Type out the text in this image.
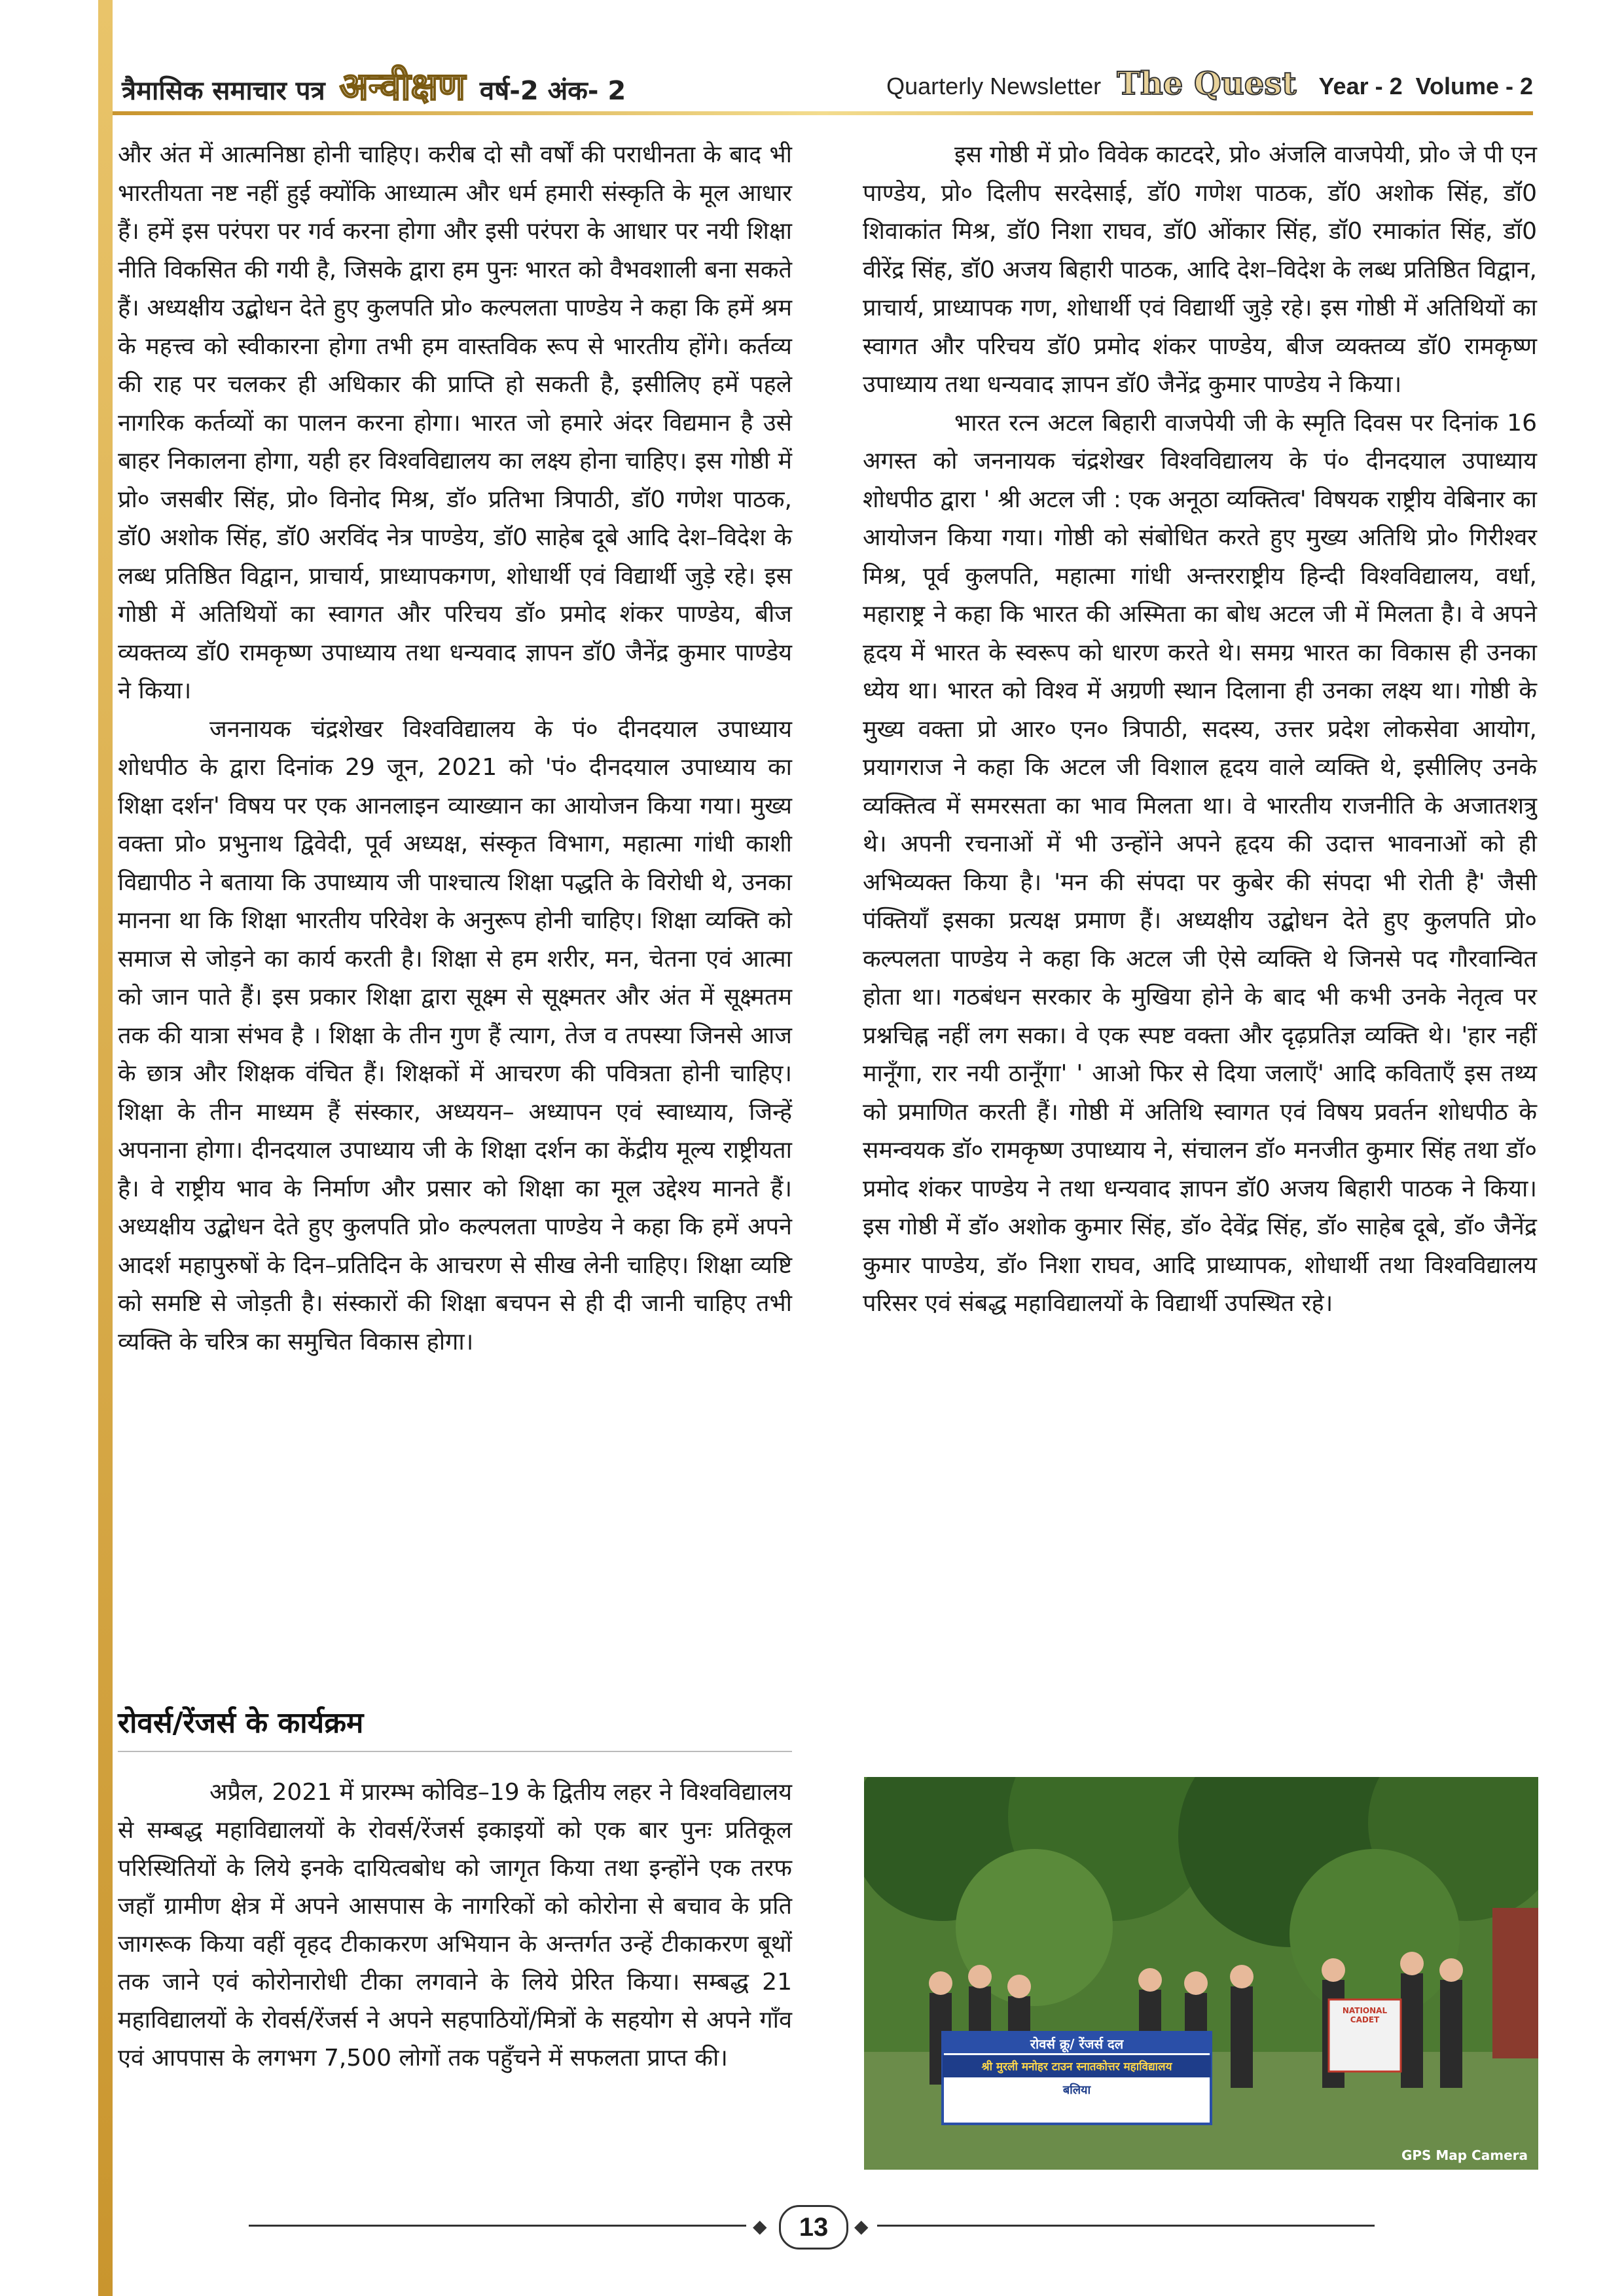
त्रैमासिक समाचार पत्र अन्वीक्षण वर्ष-2 अंक- 2	Quarterly Newsletter The Quest Year - 2 Volume - 2

और अंत में आत्मनिष्ठा होनी चाहिए। करीब दो सौ वर्षों की पराधीनता के बाद भी भारतीयता नष्ट नहीं हुई क्योंकि आध्यात्म और धर्म हमारी संस्कृति के मूल आधार हैं। हमें इस परंपरा पर गर्व करना होगा और इसी परंपरा के आधार पर नयी शिक्षा नीति विकसित की गयी है, जिसके द्वारा हम पुनः भारत को वैभवशाली बना सकते हैं। अध्यक्षीय उद्बोधन देते हुए कुलपति प्रो० कल्पलता पाण्डेय ने कहा कि हमें श्रम के महत्त्व को स्वीकारना होगा तभी हम वास्तविक रूप से भारतीय होंगे। कर्तव्य की राह पर चलकर ही अधिकार की प्राप्ति हो सकती है, इसीलिए हमें पहले नागरिक कर्तव्यों का पालन करना होगा। भारत जो हमारे अंदर विद्यमान है उसे बाहर निकालना होगा, यही हर विश्वविद्यालय का लक्ष्य होना चाहिए। इस गोष्ठी में प्रो० जसबीर सिंह, प्रो० विनोद मिश्र, डॉ० प्रतिभा त्रिपाठी, डॉ0 गणेश पाठक, डॉ0 अशोक सिंह, डॉ0 अरविंद नेत्र पाण्डेय, डॉ0 साहेब दूबे आदि देश–विदेश के लब्ध प्रतिष्ठित विद्वान, प्राचार्य, प्राध्यापकगण, शोधार्थी एवं विद्यार्थी जुड़े रहे। इस गोष्ठी में अतिथियों का स्वागत और परिचय डॉ० प्रमोद शंकर पाण्डेय, बीज व्यक्तव्य डॉ0 रामकृष्ण उपाध्याय तथा धन्यवाद ज्ञापन डॉ0 जैनेंद्र कुमार पाण्डेय ने किया।

जननायक चंद्रशेखर विश्वविद्यालय के पं० दीनदयाल उपाध्याय शोधपीठ के द्वारा दिनांक 29 जून, 2021 को 'पं० दीनदयाल उपाध्याय का शिक्षा दर्शन' विषय पर एक आनलाइन व्याख्यान का आयोजन किया गया। मुख्य वक्ता प्रो० प्रभुनाथ द्विवेदी, पूर्व अध्यक्ष, संस्कृत विभाग, महात्मा गांधी काशी विद्यापीठ ने बताया कि उपाध्याय जी पाश्चात्य शिक्षा पद्धति के विरोधी थे, उनका मानना था कि शिक्षा भारतीय परिवेश के अनुरूप होनी चाहिए। शिक्षा व्यक्ति को समाज से जोड़ने का कार्य करती है। शिक्षा से हम शरीर, मन, चेतना एवं आत्मा को जान पाते हैं। इस प्रकार शिक्षा द्वारा सूक्ष्म से सूक्ष्मतर और अंत में सूक्ष्मतम तक की यात्रा संभव है । शिक्षा के तीन गुण हैं त्याग, तेज व तपस्या जिनसे आज के छात्र और शिक्षक वंचित हैं। शिक्षकों में आचरण की पवित्रता होनी चाहिए। शिक्षा के तीन माध्यम हैं संस्कार, अध्ययन– अध्यापन एवं स्वाध्याय, जिन्हें अपनाना होगा। दीनदयाल उपाध्याय जी के शिक्षा दर्शन का केंद्रीय मूल्य राष्ट्रीयता है। वे राष्ट्रीय भाव के निर्माण और प्रसार को शिक्षा का मूल उद्देश्य मानते हैं। अध्यक्षीय उद्बोधन देते हुए कुलपति प्रो० कल्पलता पाण्डेय ने कहा कि हमें अपने आदर्श महापुरुषों के दिन–प्रतिदिन के आचरण से सीख लेनी चाहिए। शिक्षा व्यष्टि को समष्टि से जोड़ती है। संस्कारों की शिक्षा बचपन से ही दी जानी चाहिए तभी व्यक्ति के चरित्र का समुचित विकास होगा।

इस गोष्ठी में प्रो० विवेक काटदरे, प्रो० अंजलि वाजपेयी, प्रो० जे पी एन पाण्डेय, प्रो० दिलीप सरदेसाई, डॉ0 गणेश पाठक, डॉ0 अशोक सिंह, डॉ0 शिवाकांत मिश्र, डॉ0 निशा राघव, डॉ0 ओंकार सिंह, डॉ0 रमाकांत सिंह, डॉ0 वीरेंद्र सिंह, डॉ0 अजय बिहारी पाठक, आदि देश–विदेश के लब्ध प्रतिष्ठित विद्वान, प्राचार्य, प्राध्यापक गण, शोधार्थी एवं विद्यार्थी जुड़े रहे। इस गोष्ठी में अतिथियों का स्वागत और परिचय डॉ0 प्रमोद शंकर पाण्डेय, बीज व्यक्तव्य डॉ0 रामकृष्ण उपाध्याय तथा धन्यवाद ज्ञापन डॉ0 जैनेंद्र कुमार पाण्डेय ने किया।

भारत रत्न अटल बिहारी वाजपेयी जी के स्मृति दिवस पर दिनांक 16 अगस्त को जननायक चंद्रशेखर विश्वविद्यालय के पं० दीनदयाल उपाध्याय शोधपीठ द्वारा ' श्री अटल जी : एक अनूठा व्यक्तित्व' विषयक राष्ट्रीय वेबिनार का आयोजन किया गया। गोष्ठी को संबोधित करते हुए मुख्य अतिथि प्रो० गिरीश्वर मिश्र, पूर्व कुलपति, महात्मा गांधी अन्तरराष्ट्रीय हिन्दी विश्वविद्यालय, वर्धा, महाराष्ट्र ने कहा कि भारत की अस्मिता का बोध अटल जी में मिलता है। वे अपने हृदय में भारत के स्वरूप को धारण करते थे। समग्र भारत का विकास ही उनका ध्येय था। भारत को विश्व में अग्रणी स्थान दिलाना ही उनका लक्ष्य था। गोष्ठी के मुख्य वक्ता प्रो आर० एन० त्रिपाठी, सदस्य, उत्तर प्रदेश लोकसेवा आयोग, प्रयागराज ने कहा कि अटल जी विशाल हृदय वाले व्यक्ति थे, इसीलिए उनके व्यक्तित्व में समरसता का भाव मिलता था। वे भारतीय राजनीति के अजातशत्रु थे। अपनी रचनाओं में भी उन्होंने अपने हृदय की उदात्त भावनाओं को ही अभिव्यक्त किया है। 'मन की संपदा पर कुबेर की संपदा भी रोती है' जैसी पंक्तियाँ इसका प्रत्यक्ष प्रमाण हैं। अध्यक्षीय उद्बोधन देते हुए कुलपति प्रो० कल्पलता पाण्डेय ने कहा कि अटल जी ऐसे व्यक्ति थे जिनसे पद गौरवान्वित होता था। गठबंधन सरकार के मुखिया होने के बाद भी कभी उनके नेतृत्व पर प्रश्नचिह्न नहीं लग सका। वे एक स्पष्ट वक्ता और दृढ़प्रतिज्ञ व्यक्ति थे। 'हार नहीं मानूँगा, रार नयी ठानूँगा' ' आओ फिर से दिया जलाएँ' आदि कविताएँ इस तथ्य को प्रमाणित करती हैं। गोष्ठी में अतिथि स्वागत एवं विषय प्रवर्तन शोधपीठ के समन्वयक डॉ० रामकृष्ण उपाध्याय ने, संचालन डॉ० मनजीत कुमार सिंह तथा डॉ० प्रमोद शंकर पाण्डेय ने तथा धन्यवाद ज्ञापन डॉ0 अजय बिहारी पाठक ने किया। इस गोष्ठी में डॉ० अशोक कुमार सिंह, डॉ० देवेंद्र सिंह, डॉ० साहेब दूबे, डॉ० जैनेंद्र कुमार पाण्डेय, डॉ० निशा राघव, आदि प्राध्यापक, शोधार्थी तथा विश्वविद्यालय परिसर एवं संबद्ध महाविद्यालयों के विद्यार्थी उपस्थित रहे।

रोवर्स/रेंजर्स के कार्यक्रम

अप्रैल, 2021 में प्रारम्भ कोविड–19 के द्वितीय लहर ने विश्वविद्यालय से सम्बद्ध महाविद्यालयों के रोवर्स/रेंजर्स इकाइयों को एक बार पुनः प्रतिकूल परिस्थितियों के लिये इनके दायित्वबोध को जागृत किया तथा इन्होंने एक तरफ जहाँ ग्रामीण क्षेत्र में अपने आसपास के नागरिकों को कोरोना से बचाव के प्रति जागरूक किया वहीं वृहद टीकाकरण अभियान के अन्तर्गत उन्हें टीकाकरण बूथों तक जाने एवं कोरोनारोधी टीका लगवाने के लिये प्रेरित किया। सम्बद्ध 21 महाविद्यालयों के रोवर्स/रेंजर्स ने अपने सहपाठियों/मित्रों के सहयोग से अपने गाँव एवं आपपास के लगभग 7,500 लोगों तक पहुँचने में सफलता प्राप्त की।

रोवर्स क्रू/ रेंजर्स दल
श्री मुरली मनोहर टाउन स्नातकोत्तर महाविद्यालय
बलिया
NATIONAL CADET
GPS Map Camera
◆	13	◆
